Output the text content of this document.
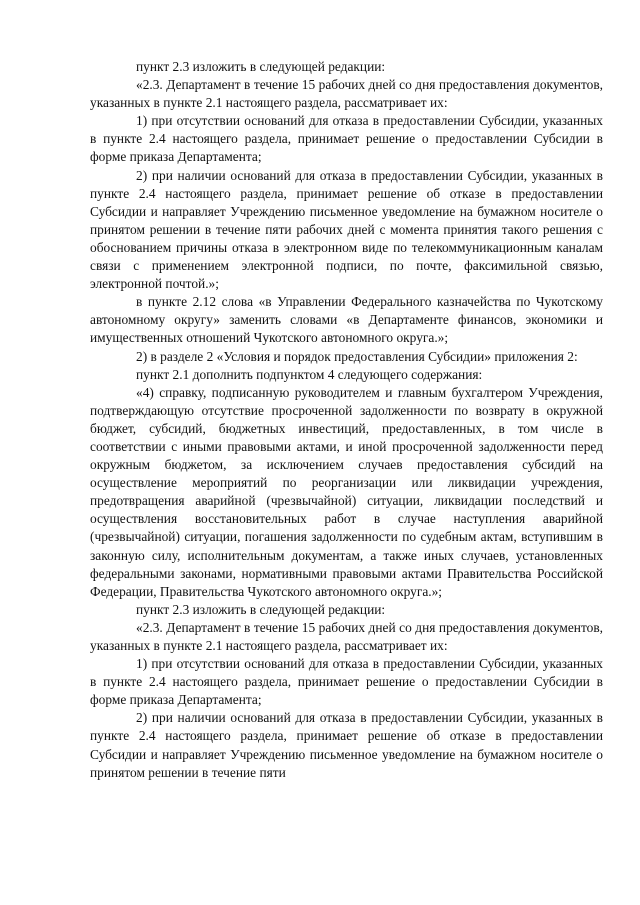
пункт 2.3 изложить в следующей редакции:

«2.3. Департамент в течение 15 рабочих дней со дня предоставления документов, указанных в пункте 2.1 настоящего раздела, рассматривает их:

1) при отсутствии оснований для отказа в предоставлении Субсидии, указанных в пункте 2.4 настоящего раздела, принимает решение о предоставлении Субсидии в форме приказа Департамента;

2) при наличии оснований для отказа в предоставлении Субсидии, указанных в пункте 2.4 настоящего раздела, принимает решение об отказе в предоставлении Субсидии и направляет Учреждению письменное уведомление на бумажном носителе о принятом решении в течение пяти рабочих дней с момента принятия такого решения с обоснованием причины отказа в электронном виде по телекоммуникационным каналам связи с применением электронной подписи, по почте, факсимильной связью, электронной почтой.»;

в пункте 2.12 слова «в Управлении Федерального казначейства по Чукотскому автономному округу» заменить словами «в Департаменте финансов, экономики и имущественных отношений Чукотского автономного округа.»;

2) в разделе 2 «Условия и порядок предоставления Субсидии» приложения 2:

пункт 2.1 дополнить подпунктом 4 следующего содержания:

«4) справку, подписанную руководителем и главным бухгалтером Учреждения, подтверждающую отсутствие просроченной задолженности по возврату в окружной бюджет, субсидий, бюджетных инвестиций, предоставленных, в том числе в соответствии с иными правовыми актами, и иной просроченной задолженности перед окружным бюджетом, за исключением случаев предоставления субсидий на осуществление мероприятий по реорганизации или ликвидации учреждения, предотвращения аварийной (чрезвычайной) ситуации, ликвидации последствий и осуществления восстановительных работ в случае наступления аварийной (чрезвычайной) ситуации, погашения задолженности по судебным актам, вступившим в законную силу, исполнительным документам, а также иных случаев, установленных федеральными законами, нормативными правовыми актами Правительства Российской Федерации, Правительства Чукотского автономного округа.»;

пункт 2.3 изложить в следующей редакции:

«2.3. Департамент в течение 15 рабочих дней со дня предоставления документов, указанных в пункте 2.1 настоящего раздела, рассматривает их:

1) при отсутствии оснований для отказа в предоставлении Субсидии, указанных в пункте 2.4 настоящего раздела, принимает решение о предоставлении Субсидии в форме приказа Департамента;

2) при наличии оснований для отказа в предоставлении Субсидии, указанных в пункте 2.4 настоящего раздела, принимает решение об отказе в предоставлении Субсидии и направляет Учреждению письменное уведомление на бумажном носителе о принятом решении в течение пяти
